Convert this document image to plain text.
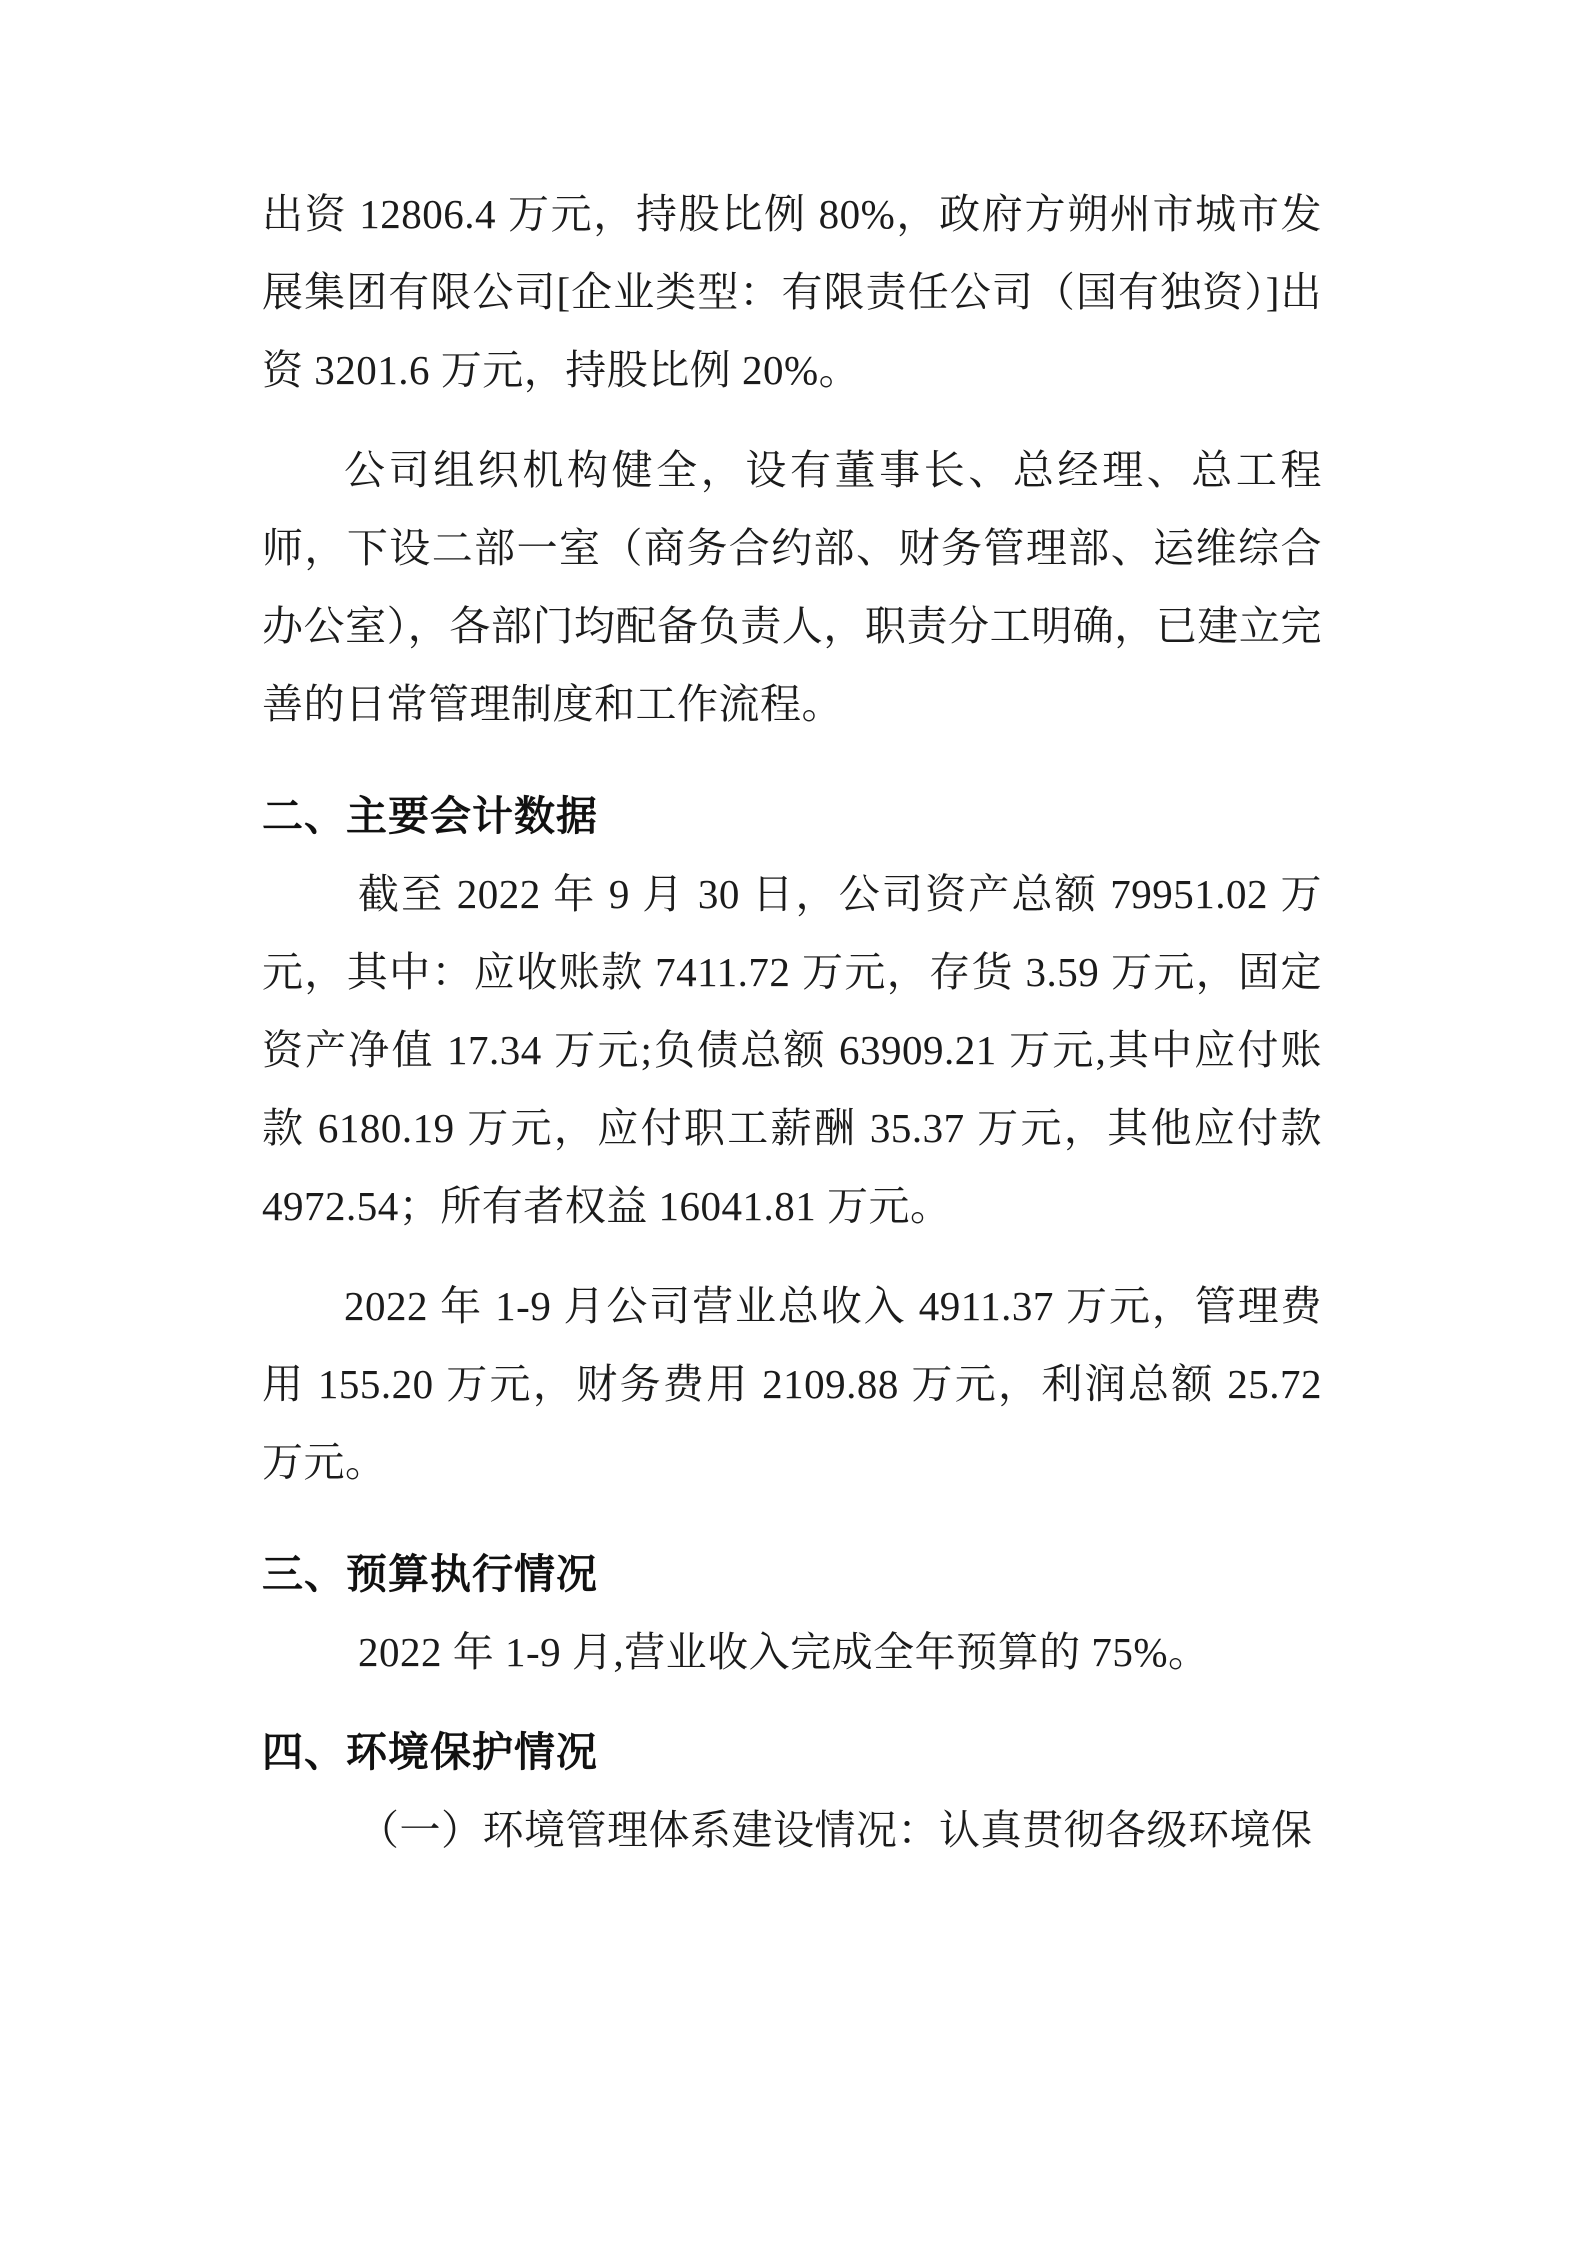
出资 12806.4 万元，持股比例 80%，政府方朔州市城市发展集团有限公司[企业类型：有限责任公司（国有独资）]出资 3201.6 万元，持股比例 20%。

公司组织机构健全，设有董事长、总经理、总工程师，下设二部一室（商务合约部、财务管理部、运维综合办公室），各部门均配备负责人，职责分工明确，已建立完善的日常管理制度和工作流程。

二、主要会计数据

截至 2022 年 9 月 30 日，公司资产总额 79951.02 万元，其中：应收账款 7411.72 万元，存货 3.59 万元，固定资产净值 17.34 万元;负债总额 63909.21 万元,其中应付账款 6180.19 万元，应付职工薪酬 35.37 万元，其他应付款 4972.54；所有者权益 16041.81 万元。

2022 年 1-9 月公司营业总收入 4911.37 万元，管理费用 155.20 万元，财务费用 2109.88 万元，利润总额 25.72 万元。

三、预算执行情况

2022 年 1-9 月,营业收入完成全年预算的 75%。

四、环境保护情况

（一）环境管理体系建设情况：认真贯彻各级环境保
